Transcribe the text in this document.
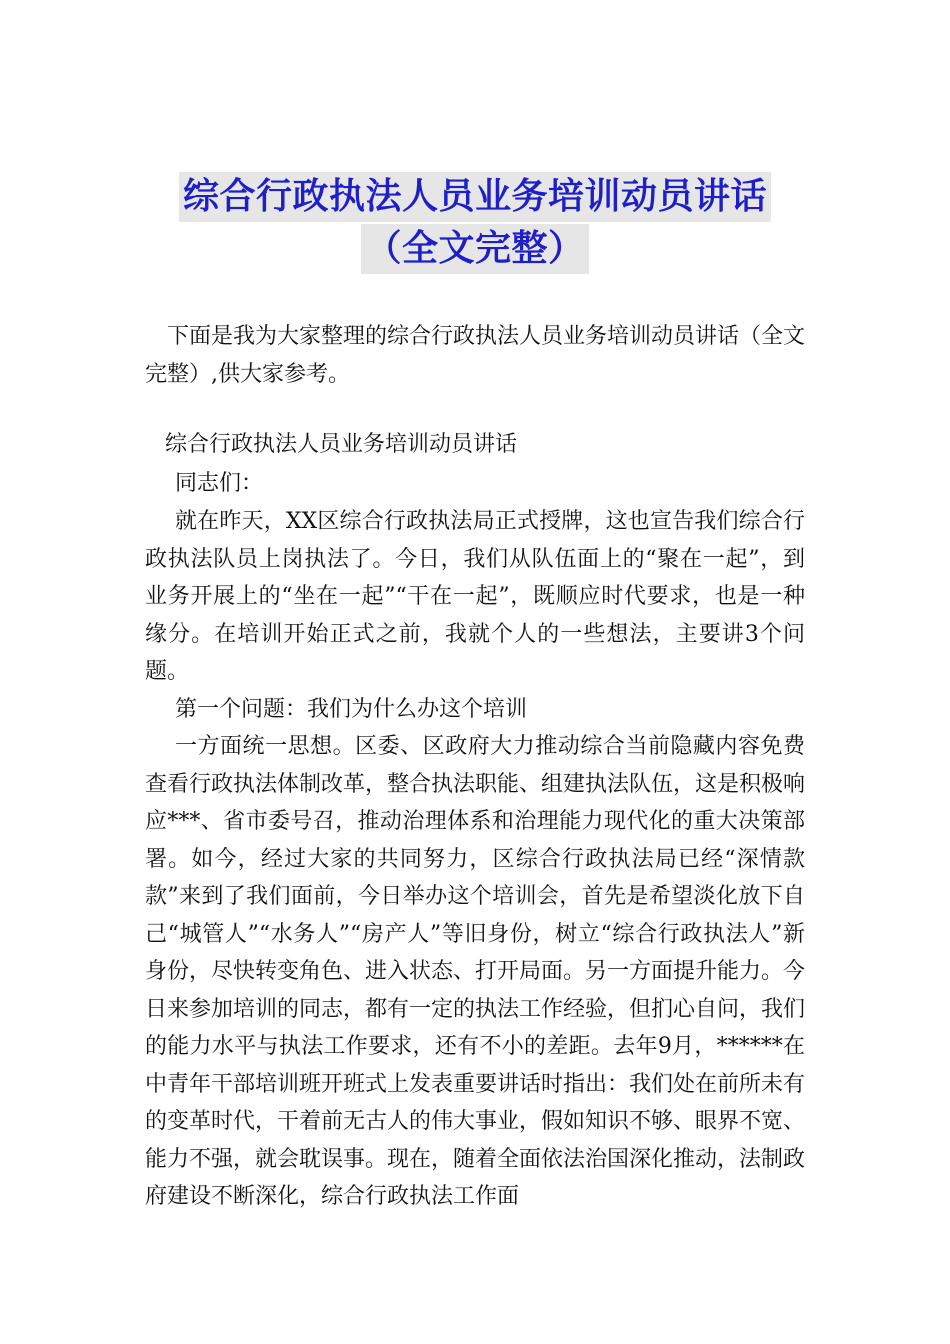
综合行政执法人员业务培训动员讲话
（全文完整）
下面是我为大家整理的综合行政执法人员业务培训动员讲话（全文完整）,供大家参考。
综合行政执法人员业务培训动员讲话
同志们：

就在昨天，XX区综合行政执法局正式授牌，这也宣告我们综合行政执法队员上岗执法了。今日，我们从队伍面上的“聚在一起”，到业务开展上的“坐在一起”“干在一起”，既顺应时代要求，也是一种缘分。在培训开始正式之前，我就个人的一些想法，主要讲3个问题。

第一个问题：我们为什么办这个培训

一方面统一思想。区委、区政府大力推动综合当前隐藏内容免费查看行政执法体制改革，整合执法职能、组建执法队伍，这是积极响应***、省市委号召，推动治理体系和治理能力现代化的重大决策部署。如今，经过大家的共同努力，区综合行政执法局已经“深情款款”来到了我们面前，今日举办这个培训会，首先是希望淡化放下自己“城管人”“水务人”“房产人”等旧身份，树立“综合行政执法人”新身份，尽快转变角色、进入状态、打开局面。另一方面提升能力。今日来参加培训的同志，都有一定的执法工作经验，但扪心自问，我们的能力水平与执法工作要求，还有不小的差距。去年9月，******在中青年干部培训班开班式上发表重要讲话时指出：我们处在前所未有的变革时代，干着前无古人的伟大事业，假如知识不够、眼界不宽、能力不强，就会耽误事。现在，随着全面依法治国深化推动，法制政府建设不断深化，综合行政执法工作面
